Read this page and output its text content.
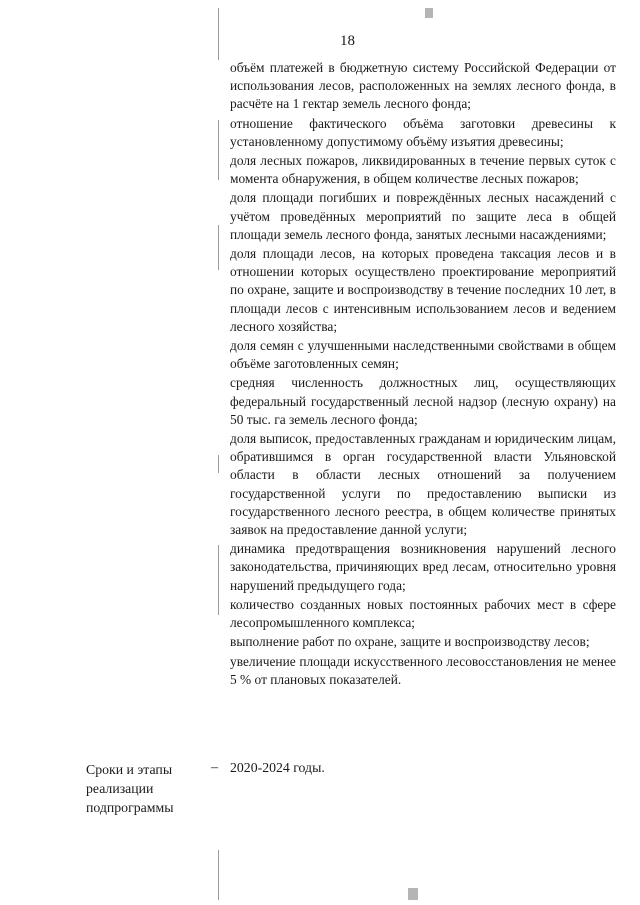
18
объём платежей в бюджетную систему Российской Федерации от использования лесов, расположенных на землях лесного фонда, в расчёте на 1 гектар земель лесного фонда;
отношение фактического объёма заготовки древесины к установленному допустимому объёму изъятия древесины;
доля лесных пожаров, ликвидированных в течение первых суток с момента обнаружения, в общем количестве лесных пожаров;
доля площади погибших и повреждённых лесных насаждений с учётом проведённых мероприятий по защите леса в общей площади земель лесного фонда, занятых лесными насаждениями;
доля площади лесов, на которых проведена таксация лесов и в отношении которых осуществлено проектирование мероприятий по охране, защите и воспроизводству в течение последних 10 лет, в площади лесов с интенсивным использованием лесов и ведением лесного хозяйства;
доля семян с улучшенными наследственными свойствами в общем объёме заготовленных семян;
средняя численность должностных лиц, осуществляющих федеральный государственный лесной надзор (лесную охрану) на 50 тыс. га земель лесного фонда;
доля выписок, предоставленных гражданам и юридическим лицам, обратившимся в орган государственной власти Ульяновской области в области лесных отношений за получением государственной услуги по предоставлению выписки из государственного лесного реестра, в общем количестве принятых заявок на предоставление данной услуги;
динамика предотвращения возникновения нарушений лесного законодательства, причиняющих вред лесам, относительно уровня нарушений предыдущего года;
количество созданных новых постоянных рабочих мест в сфере лесопромышленного комплекса;
выполнение работ по охране, защите и воспроизводству лесов;
увеличение площади искусственного лесовосстановления не менее 5 % от плановых показателей.
Сроки и этапы реализации подпрограммы
– 2020-2024 годы.
